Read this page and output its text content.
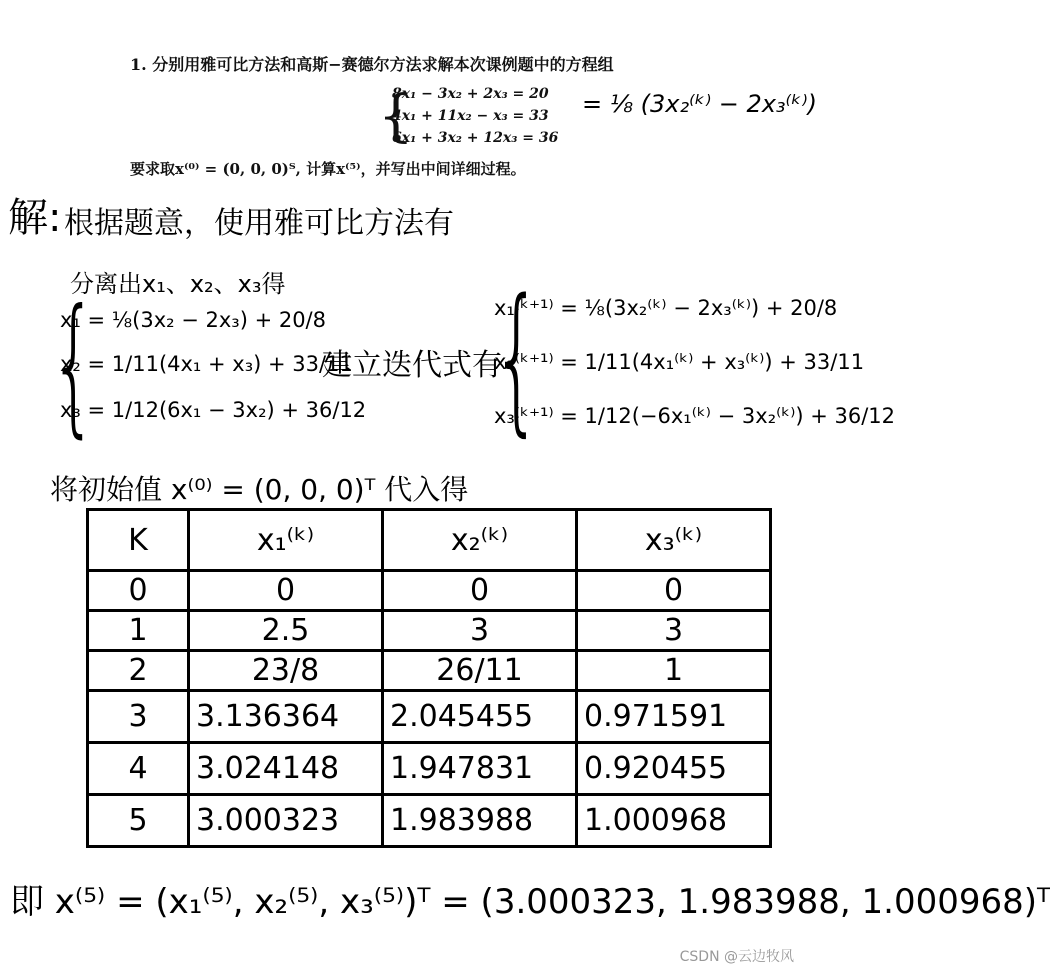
1. 分别用雅可比方法和高斯−赛德尔方法求解本次课例题中的方程组
{
8x₁ − 3x₂ + 2x₃ = 20
4x₁ + 11x₂ − x₃ = 33
6x₁ + 3x₂ + 12x₃ = 36
= ⅛ (3x₂⁽ᵏ⁾ − 2x₃⁽ᵏ⁾)
要求取x⁽⁰⁾ = (0, 0, 0)ᵀ, 计算x⁽⁵⁾，并写出中间详细过程。
解: 根据题意，使用雅可比方法有
分离出x₁、x₂、x₃得
{
x₁ = ⅛(3x₂ − 2x₃) + 20/8
x₂ = 1/11(4x₁ + x₃) + 33/11
x₃ = 1/12(6x₁ − 3x₂) + 36/12
建立迭代式有
{
x₁⁽ᵏ⁺¹⁾ = ⅛(3x₂⁽ᵏ⁾ − 2x₃⁽ᵏ⁾) + 20/8
x₂⁽ᵏ⁺¹⁾ = 1/11(4x₁⁽ᵏ⁾ + x₃⁽ᵏ⁾) + 33/11
x₃⁽ᵏ⁺¹⁾ = 1/12(−6x₁⁽ᵏ⁾ − 3x₂⁽ᵏ⁾) + 36/12
将初始值 x⁽⁰⁾ = (0, 0, 0)ᵀ 代入得
K	x₁⁽ᵏ⁾	x₂⁽ᵏ⁾	x₃⁽ᵏ⁾
0	0	0	0
1	2.5	3	3
2	23/8	26/11	1
3	3.136364	2.045455	0.971591
4	3.024148	1.947831	0.920455
5	3.000323	1.983988	1.000968
即 x⁽⁵⁾ = (x₁⁽⁵⁾, x₂⁽⁵⁾, x₃⁽⁵⁾)ᵀ = (3.000323, 1.983988, 1.000968)ᵀ
CSDN @云边牧风
